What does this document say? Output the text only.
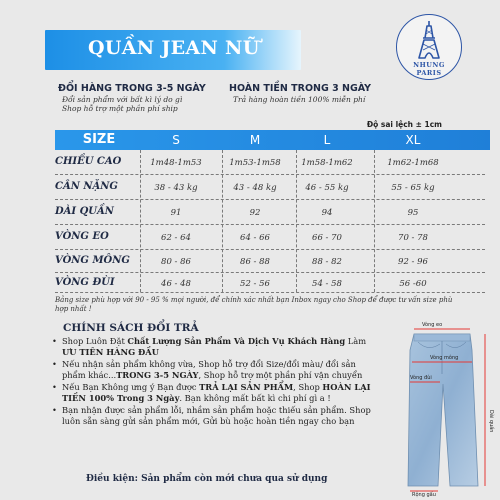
QUẦN JEAN NỮ
NHUNG
PARIS
ĐỔI HÀNG TRONG 3-5 NGÀY
Đổi sản phẩm với bất kì lý do gì
Shop hỗ trợ một phần phí ship
HOÀN TIỀN TRONG 3 NGÀY
Trả hàng hoàn tiền 100% miễn phí
Độ sai lệch ± 1cm
SIZE	S	M	L	XL
CHIỀU CAO	1m48-1m53	1m53-1m58	1m58-1m62	1m62-1m68
CÂN NẶNG	38 - 43 kg	43 - 48 kg	46 - 55 kg	55 - 65 kg
DÀI QUẦN	91	92	94	95
VÒNG EO	62 - 64	64 - 66	66 - 70	70 - 78
VÒNG MÔNG	80 - 86	86 - 88	88 - 82	92 - 96
VÒNG ĐÙI	46 - 48	52 - 56	54 - 58	56 -60
Bảng size phù hợp với 90 - 95 % mọi người, để chính xác nhất bạn Inbox ngay cho Shop để được tư vấn size phù hợp nhất !
CHÍNH SÁCH ĐỔI TRẢ
• Shop Luôn Đặt Chất Lượng Sản Phẩm Và Dịch Vụ Khách Hàng Làm ƯU TIÊN HÀNG ĐẦU
• Nếu nhận sản phẩm không vừa, Shop hỗ trợ đổi Size/đổi màu/ đổi sản phẩm khác...TRONG 3-5 NGÀY, Shop hỗ trợ một phần phí vận chuyển
• Nếu Bạn Không ưng ý Bạn được TRẢ LẠI SẢN PHẨM, Shop HOÀN LẠI TIỀN 100% Trong 3 Ngày. Bạn không mất bất kì chi phí gì a !
• Bạn nhận được sản phẩm lỗi, nhầm sản phẩm hoặc thiếu sản phẩm. Shop luôn sẵn sàng gửi sản phẩm mới, Gửi bù hoặc hoàn tiền ngay cho bạn
Điều kiện: Sản phẩm còn mới chưa qua sử dụng
Vòng eo
Vòng mông
Vòng đùi
Dài quần
Rộng gấu
